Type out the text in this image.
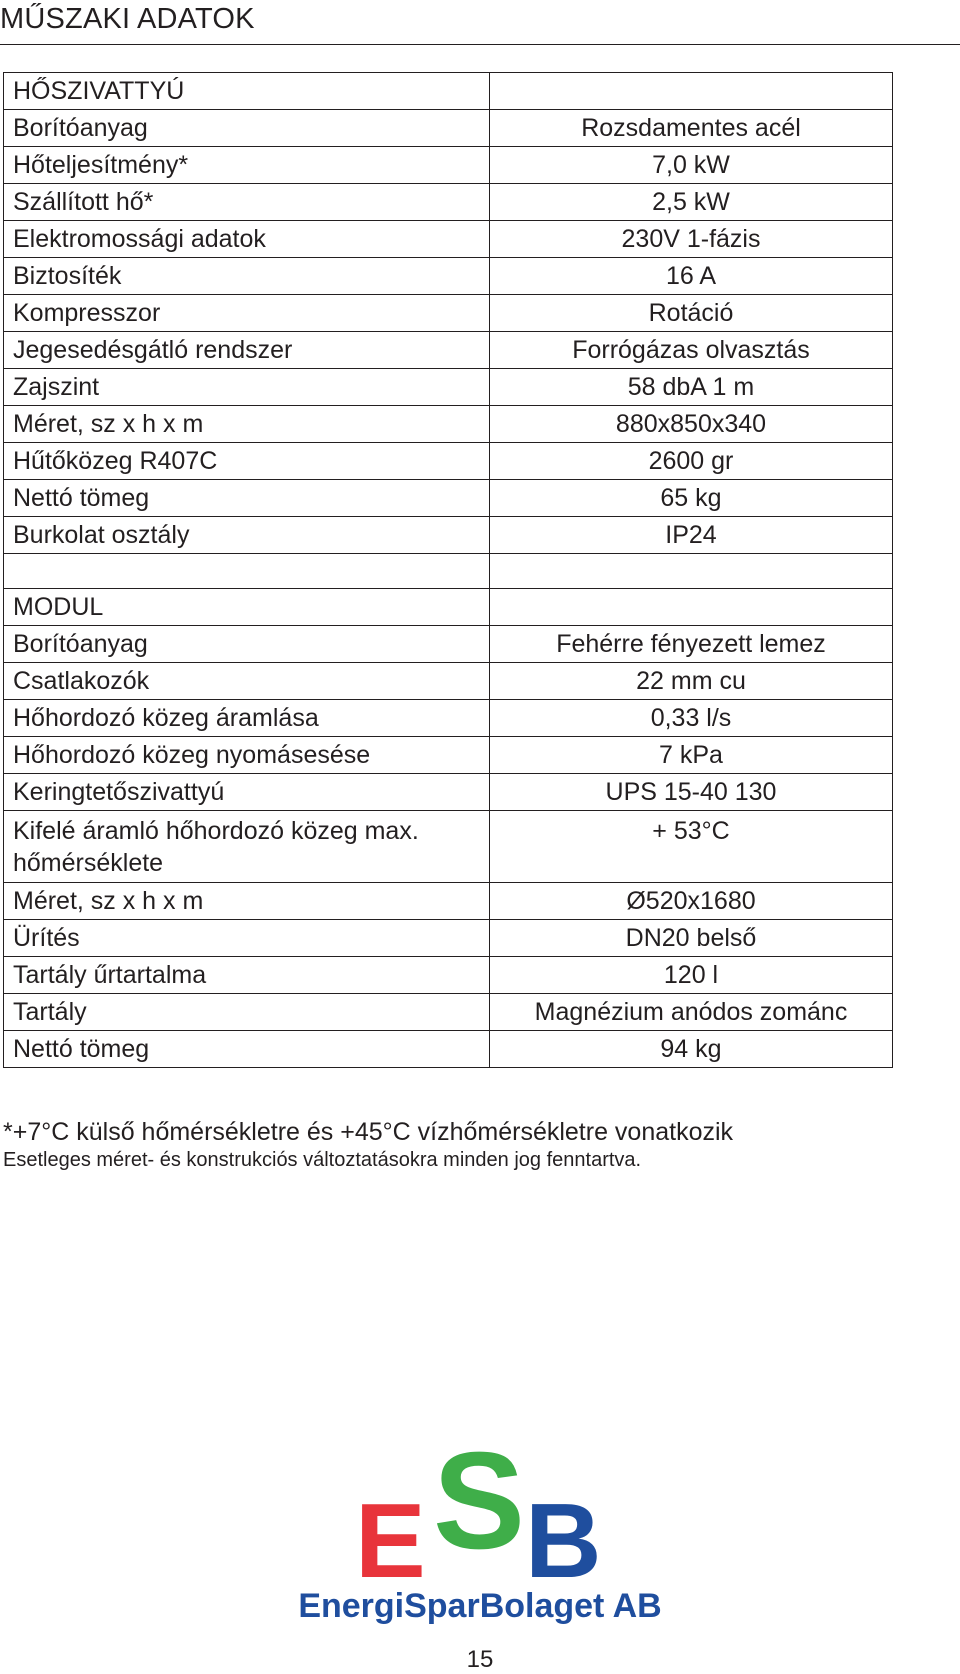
MŰSZAKI ADATOK
HŐSZIVATTYÚ	
Borítóanyag	Rozsdamentes acél
Hőteljesítmény*	7,0 kW
Szállított hő*	2,5 kW
Elektromossági adatok	230V 1-fázis
Biztosíték	16 A
Kompresszor	Rotáció
Jegesedésgátló rendszer	Forrógázas olvasztás
Zajszint	58 dbA 1 m
Méret, sz x h x m	880x850x340
Hűtőközeg R407C	2600 gr
Nettó tömeg	65 kg
Burkolat osztály	IP24

MODUL	
Borítóanyag	Fehérre fényezett lemez
Csatlakozók	22 mm cu
Hőhordozó közeg áramlása	0,33 l/s
Hőhordozó közeg nyomásesése	7 kPa
Keringtetőszivattyú	UPS 15-40 130
Kifelé áramló hőhordozó közeg max. hőmérséklete	+ 53°C
Méret, sz x h x m	Ø520x1680
Ürítés	DN20 belső
Tartály űrtartalma	120 l
Tartály	Magnézium anódos zománc
Nettó tömeg	94 kg
*+7°C külső hőmérsékletre és +45°C vízhőmérsékletre vonatkozik
Esetleges méret- és konstrukciós változtatásokra minden jog fenntartva.
E S B
EnergiSparBolaget AB
15
